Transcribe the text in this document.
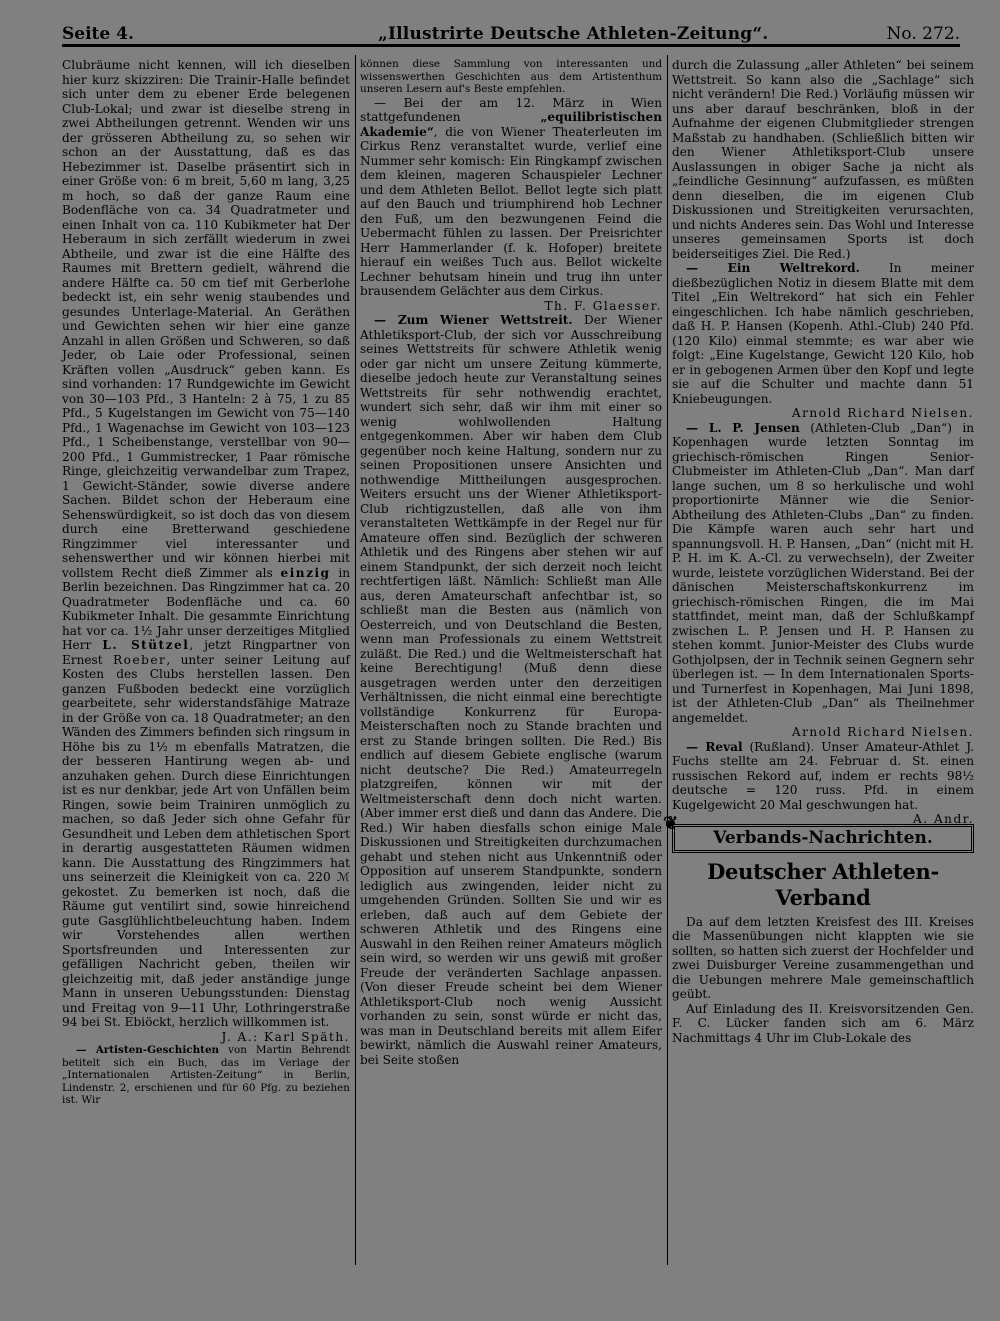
Seite 4.	„Illustrirte Deutsche Athleten-Zeitung“.	No. 272.

Clubräume nicht kennen, will ich dieselben hier kurz skizziren: Die Trainir-Halle befindet sich unter dem zu ebener Erde belegenen Club-Lokal; und zwar ist dieselbe streng in zwei Abtheilungen getrennt. Wenden wir uns der grösseren Abtheilung zu, so sehen wir schon an der Ausstattung, daß es das Hebezimmer ist. Daselbe präsentirt sich in einer Größe von: 6 m breit, 5,60 m lang, 3,25 m hoch, so daß der ganze Raum eine Bodenfläche von ca. 34 Quadratmeter und einen Inhalt von ca. 110 Kubikmeter hat Der Heberaum in sich zerfällt wiederum in zwei Abtheile, und zwar ist die eine Hälfte des Raumes mit Brettern gedielt, während die andere Hälfte ca. 50 cm tief mit Gerberlohe bedeckt ist, ein sehr wenig staubendes und gesundes Unterlage-Material. An Geräthen und Gewichten sehen wir hier eine ganze Anzahl in allen Größen und Schweren, so daß Jeder, ob Laie oder Professional, seinen Kräften vollen „Ausdruck“ geben kann. Es sind vorhanden: 17 Rundgewichte im Gewicht von 30—103 Pfd., 3 Hanteln: 2 à 75, 1 zu 85 Pfd., 5 Kugelstangen im Gewicht von 75—140 Pfd., 1 Wagenachse im Gewicht von 103—123 Pfd., 1 Scheibenstange, verstellbar von 90—200 Pfd., 1 Gummistrecker, 1 Paar römische Ringe, gleichzeitig verwandelbar zum Trapez, 1 Gewicht-Ständer, sowie diverse andere Sachen. Bildet schon der Heberaum eine Sehenswürdigkeit, so ist doch das von diesem durch eine Bretterwand geschiedene Ringzimmer viel interessanter und sehenswerther und wir können hierbei mit vollstem Recht dieß Zimmer als einzig in Berlin bezeichnen. Das Ringzimmer hat ca. 20 Quadratmeter Bodenfläche und ca. 60 Kubikmeter Inhalt. Die gesammte Einrichtung hat vor ca. 1½ Jahr unser derzeitiges Mitglied Herr L. Stützel, jetzt Ringpartner von Ernest Roeber, unter seiner Leitung auf Kosten des Clubs herstellen lassen. Den ganzen Fußboden bedeckt eine vorzüglich gearbeitete, sehr widerstandsfähige Matraze in der Größe von ca. 18 Quadratmeter; an den Wänden des Zimmers befinden sich ringsum in Höhe bis zu 1½ m ebenfalls Matratzen, die der besseren Hantirung wegen ab- und anzuhaken gehen. Durch diese Einrichtungen ist es nur denkbar, jede Art von Unfällen beim Ringen, sowie beim Trainiren unmöglich zu machen, so daß Jeder sich ohne Gefahr für Gesundheit und Leben dem athletischen Sport in derartig ausgestatteten Räumen widmen kann. Die Ausstattung des Ringzimmers hat uns seinerzeit die Kleinigkeit von ca. 220 ℳ gekostet. Zu bemerken ist noch, daß die Räume gut ventilirt sind, sowie hinreichend gute Gasglühlichtbeleuchtung haben. Indem wir Vorstehendes allen werthen Sportsfreunden und Interessenten zur gefälligen Nachricht geben, theilen wir gleichzeitig mit, daß jeder anständige junge Mann in unseren Uebungsstunden: Dienstag und Freitag von 9—11 Uhr, Lothringerstraße 94 bei St. Ebiöckt, herzlich willkommen ist.

J. A.: Karl Späth.

— Artisten-Geschichten von Martin Behrendt betitelt sich ein Buch, das im Verlage der „Internationalen Artisten-Zeitung“ in Berlin, Lindenstr. 2, erschienen und für 60 Pfg. zu beziehen ist. Wir

können diese Sammlung von interessanten und wissenswerthen Geschichten aus dem Artistenthum unseren Lesern auf's Beste empfehlen.

— Bei der am 12. März in Wien stattgefundenen	„equilibristischen Akademie“, die von Wiener Theaterleuten im Cirkus Renz veranstaltet wurde, verlief eine Nummer sehr komisch: Ein Ringkampf zwischen dem kleinen, mageren Schauspieler Lechner und dem Athleten Bellot. Bellot legte sich platt auf den Bauch und triumphirend hob Lechner den Fuß, um den bezwungenen Feind die Uebermacht fühlen zu lassen. Der Preisrichter Herr Hammerlander (f. k. Hofoper) breitete hierauf ein weißes Tuch aus. Bellot wickelte Lechner behutsam hinein und trug ihn unter brausendem Gelächter aus dem Cirkus.

Th. F. Glaesser.

— Zum Wiener Wettstreit. Der Wiener Athletiksport-Club, der sich vor Ausschreibung seines Wettstreits für schwere Athletik wenig oder gar nicht um unsere Zeitung kümmerte, dieselbe jedoch heute zur Veranstaltung seines Wettstreits für sehr nothwendig erachtet, wundert sich sehr, daß wir ihm mit einer so wenig wohlwollenden Haltung entgegenkommen. Aber wir haben dem Club gegenüber noch keine Haltung, sondern nur zu seinen Propositionen unsere Ansichten und nothwendige Mittheilungen ausgesprochen. Weiters ersucht uns der Wiener Athletiksport-Club richtigzustellen, daß alle von ihm veranstalteten Wettkämpfe in der Regel nur für Amateure offen sind. Bezüglich der schweren Athletik und des Ringens aber stehen wir auf einem Standpunkt, der sich derzeit noch leicht rechtfertigen läßt. Nämlich: Schließt man Alle aus, deren Amateurschaft anfechtbar ist, so schließt man die Besten aus (nämlich von Oesterreich, und von Deutschland die Besten, wenn man Professionals zu einem Wettstreit zuläßt. Die Red.) und die Weltmeisterschaft hat keine Berechtigung! (Muß denn diese ausgetragen werden unter den derzeitigen Verhältnissen, die nicht einmal eine berechtigte vollständige Konkurrenz für Europa-Meisterschaften noch zu Stande brachten und erst zu Stande bringen sollten. Die Red.) Bis endlich auf diesem Gebiete englische (warum nicht deutsche? Die Red.) Amateurregeln platzgreifen, können wir mit der Weltmeisterschaft denn doch nicht warten. (Aber immer erst dieß und dann das Andere. Die Red.) Wir haben diesfalls schon einige Male Diskussionen und Streitigkeiten durchzumachen gehabt und stehen nicht aus Unkenntniß oder Opposition auf unserem Standpunkte, sondern lediglich aus zwingenden, leider nicht zu umgehenden Gründen. Sollten Sie und wir es erleben, daß auch auf dem Gebiete der schweren Athletik und des Ringens eine Auswahl in den Reihen reiner Amateurs möglich sein wird, so werden wir uns gewiß mit großer Freude der veränderten Sachlage anpassen. (Von dieser Freude scheint bei dem Wiener Athletiksport-Club noch wenig Aussicht vorhanden zu sein, sonst würde er nicht das, was man in Deutschland bereits mit allem Eifer bewirkt, nämlich die Auswahl reiner Amateurs, bei Seite stoßen

durch die Zulassung „aller Athleten“ bei seinem Wettstreit. So kann also die „Sachlage“ sich nicht verändern! Die Red.) Vorläufig müssen wir uns aber darauf beschränken, bloß in der Aufnahme der eigenen Clubmitglieder strengen Maßstab zu handhaben. (Schließlich bitten wir den Wiener Athletiksport-Club unsere Auslassungen in obiger Sache ja nicht als „feindliche Gesinnung“ aufzufassen, es müßten denn dieselben, die im eigenen Club Diskussionen und Streitigkeiten verursachten, und nichts Anderes sein. Das Wohl und Interesse unseres gemeinsamen Sports ist doch beiderseitiges Ziel. Die Red.)

— Ein Weltrekord. In meiner dießbezüglichen Notiz in diesem Blatte mit dem Titel „Ein Weltrekord“ hat sich ein Fehler eingeschlichen. Ich habe nämlich geschrieben, daß H. P. Hansen (Kopenh. Athl.-Club) 240 Pfd. (120 Kilo) einmal stemmte; es war aber wie folgt: „Eine Kugelstange, Gewicht 120 Kilo, hob er in gebogenen Armen über den Kopf und legte sie auf die Schulter und machte dann 51 Kniebeugungen.

Arnold Richard Nielsen.

— L. P. Jensen (Athleten-Club „Dan“) in Kopenhagen wurde letzten Sonntag im griechisch-römischen Ringen Senior-Clubmeister im Athleten-Club „Dan“. Man darf lange suchen, um 8 so herkulische und wohl proportionirte Männer wie die Senior-Abtheilung des Athleten-Clubs „Dan“ zu finden. Die Kämpfe waren auch sehr hart und spannungsvoll. H. P. Hansen, „Dan“ (nicht mit H. P. H. im K. A.-Cl. zu verwechseln), der Zweiter wurde, leistete vorzüglichen Widerstand. Bei der dänischen Meisterschaftskonkurrenz im griechisch-römischen Ringen, die im Mai stattfindet, meint man, daß der Schlußkampf zwischen L. P. Jensen und H. P. Hansen zu stehen kommt. Junior-Meister des Clubs wurde Gothjolpsen, der in Technik seinen Gegnern sehr überlegen ist. — In dem Internationalen Sports- und Turnerfest in Kopenhagen, Mai Juni 1898, ist der Athleten-Club „Dan“ als Theilnehmer angemeldet.

Arnold Richard Nielsen.

— Reval (Rußland). Unser Amateur-Athlet J. Fuchs stellte am 24. Februar d. St. einen russischen Rekord auf, indem er rechts 98½ deutsche = 120 russ. Pfd. in einem Kugelgewicht 20 Mal geschwungen hat.
A. Andr.

❦
Verbands-Nachrichten.
Deutscher Athleten-Verband

Da auf dem letzten Kreisfest des III. Kreises die Massenübungen nicht klappten wie sie sollten, so hatten sich zuerst der Hochfelder und zwei Duisburger Vereine zusammengethan und die Uebungen mehrere Male gemeinschaftlich geübt.

Auf Einladung des II. Kreisvorsitzenden Gen. F. C. Lücker fanden sich am 6. März Nachmittags 4 Uhr im Club-Lokale des
